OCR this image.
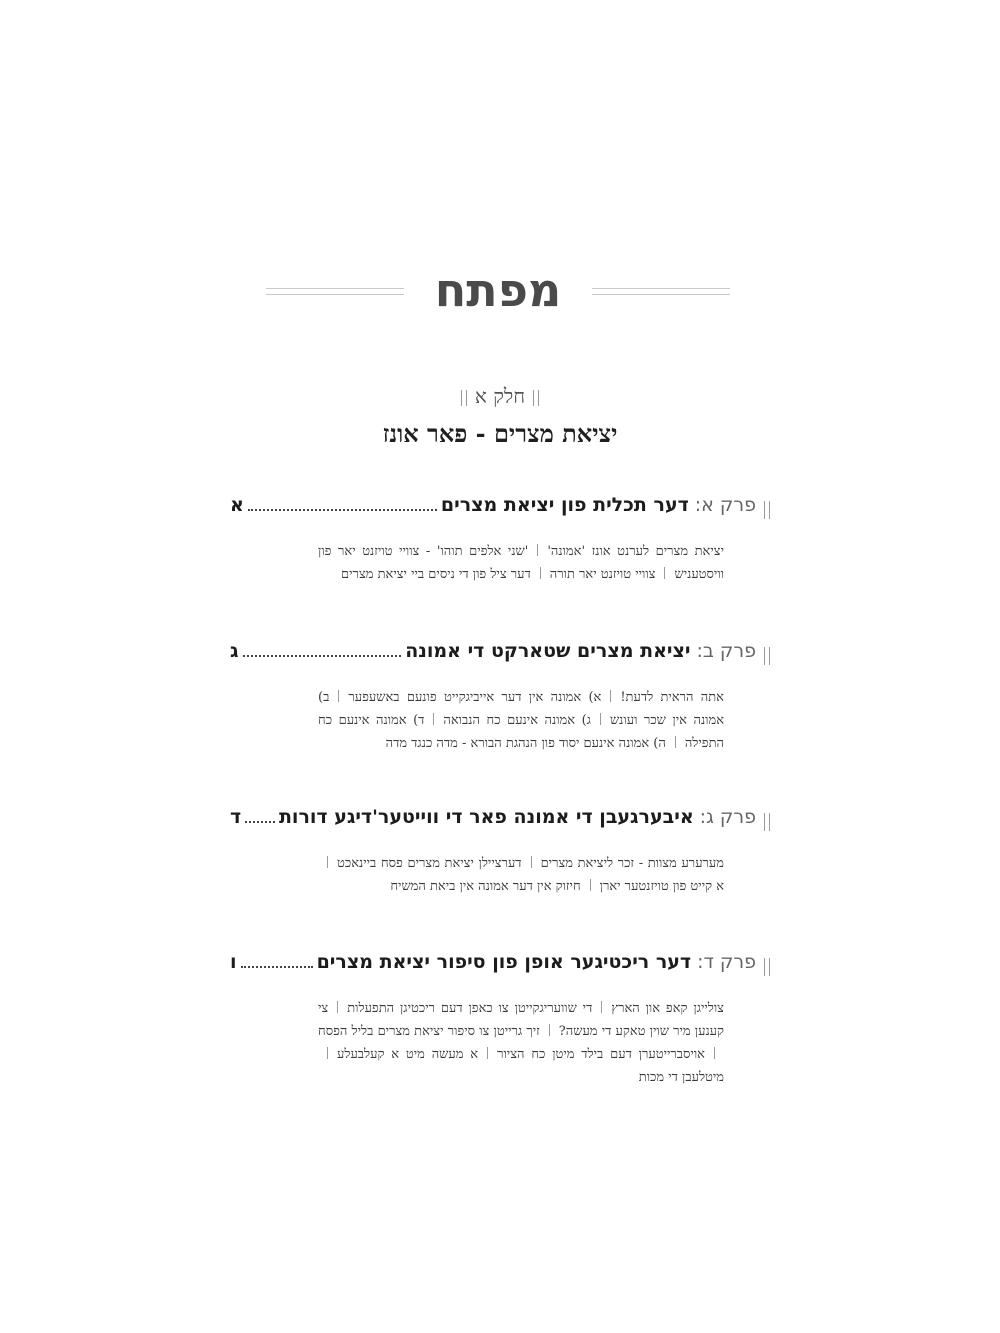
מפתח
חלק א
יציאת מצרים - פאר אונז
פרק א:
דער תכלית פון יציאת מצרים
א
יציאת מצרים לערנט אונז 'אמונה''שני אלפים תוהו' - צוויי טויזנט יאר פון וויסטענישצוויי טויזנט יאר תורהדער ציל פון די ניסים ביי יציאת מצרים
פרק ב:
יציאת מצרים שטארקט די אמונה
ג
אתה הראית לדעת!א) אמונה אין דער אייביגקייט פונעם באשעפערב) אמונה אין שכר ועונשג) אמונה אינעם כח הנבואהד) אמונה אינעם כח התפילהה) אמונה אינעם יסוד פון הנהגת הבורא - מדה כנגד מדה
פרק ג:
איבערגעבן די אמונה פאר די ווייטער'דיגע דורות
ד
מערערע מצוות - זכר ליציאת מצריםדערציילן יציאת מצרים פסח ביינאכטא קייט פון טויזנטער יארןחיזוק אין דער אמונה אין ביאת המשיח
פרק ד:
דער ריכטיגער אופן פון סיפור יציאת מצרים
ו
צולייגן קאפ און הארץדי שוועריגקייטן צו כאפן דעם ריכטיגן התפעלותצי קענען מיר שוין טאקע די מעשה?זיך גרייטן צו סיפור יציאת מצרים בליל הפסחאויסברייטערן דעם בילד מיטן כח הציורא מעשה מיט א קעלבעלעמיטלעבן די מכות
